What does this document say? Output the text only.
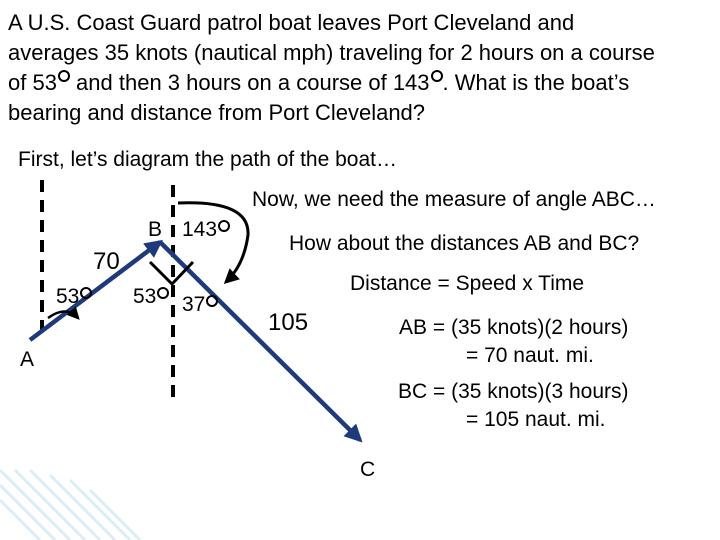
A U.S. Coast Guard patrol boat leaves Port Cleveland and
averages 35 knots (nautical mph) traveling for 2 hours on a course
of 53 and then 3 hours on a course of 143 . What is the boat’s
bearing and distance from Port Cleveland?
First, let’s diagram the path of the boat…
A
B
C
53	53
143
37
70
105
Now, we need the measure of angle ABC…
How about the distances AB and BC?
Distance = Speed x Time
AB = (35 knots)(2 hours)
= 70 naut. mi.
BC = (35 knots)(3 hours)
= 105 naut. mi.
